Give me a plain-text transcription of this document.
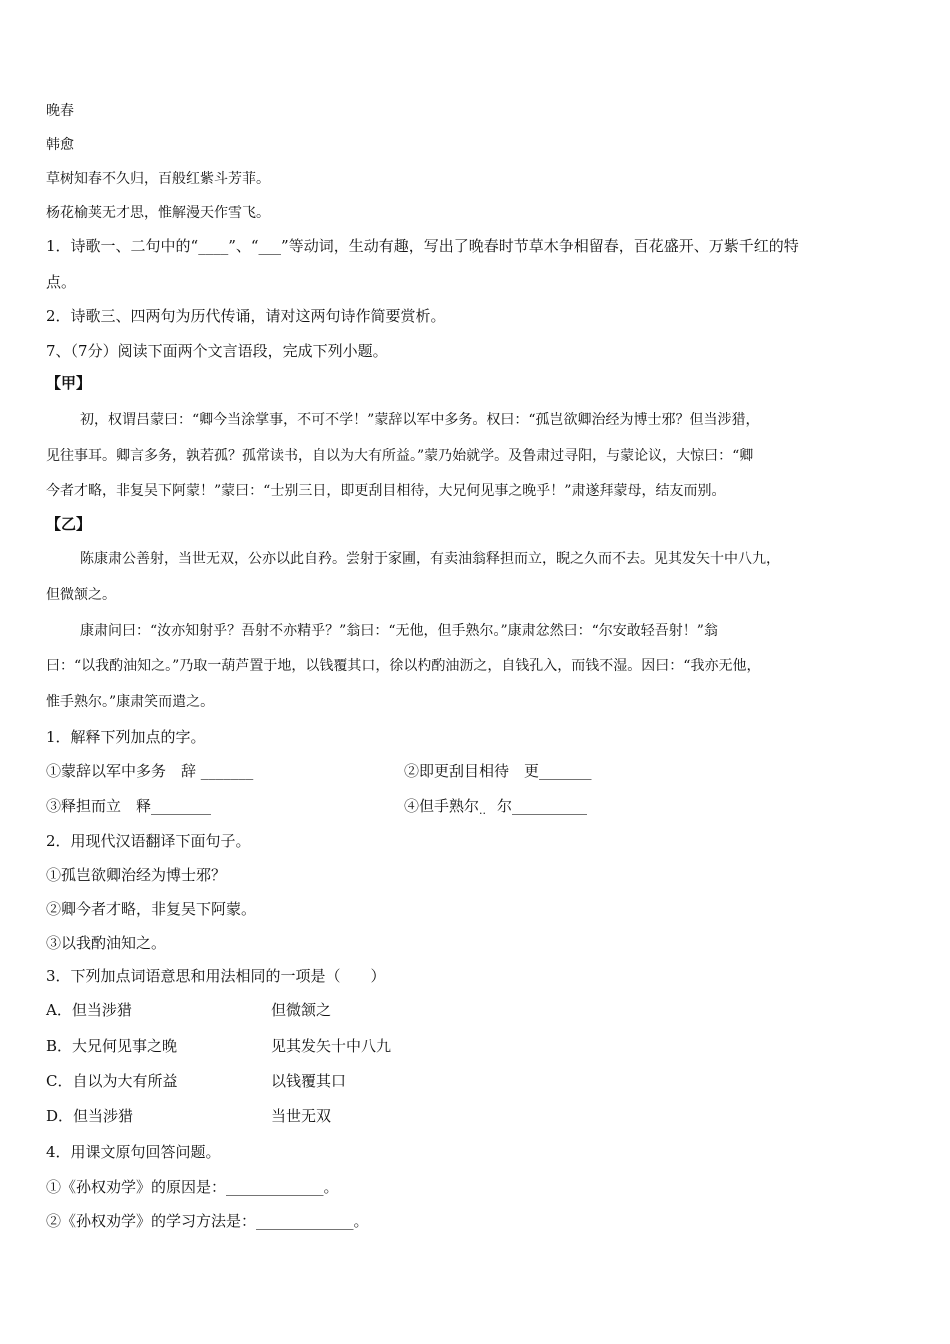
晚春
韩愈
草树知春不久归，百般红紫斗芳菲。
杨花榆荚无才思，惟解漫天作雪飞。
1．诗歌一、二句中的“____”、“___”等动词，生动有趣，写出了晚春时节草木争相留春，百花盛开、万紫千红的特
点。
2．诗歌三、四两句为历代传诵，请对这两句诗作简要赏析。
7、（7分）阅读下面两个文言语段，完成下列小题。
【甲】
初，权谓吕蒙曰：“卿今当涂掌事，不可不学！”蒙辞以军中多务。权曰：“孤岂欲卿治经为博士邪？但当涉猎，
见往事耳。卿言多务，孰若孤？孤常读书，自以为大有所益。”蒙乃始就学。及鲁肃过寻阳，与蒙论议，大惊曰：“卿
今者才略，非复吴下阿蒙！”蒙曰：“士别三日，即更刮目相待，大兄何见事之晚乎！”肃遂拜蒙母，结友而别。
【乙】
陈康肃公善射，当世无双，公亦以此自矜。尝射于家圃，有卖油翁释担而立，睨之久而不去。见其发矢十中八九，
但微颔之。
康肃问曰：“汝亦知射乎？吾射不亦精乎？”翁曰：“无他，但手熟尔。”康肃忿然曰：“尔安敢轻吾射！”翁
曰：“以我酌油知之。”乃取一葫芦置于地，以钱覆其口，徐以杓酌油沥之，自钱孔入，而钱不湿。因曰：“我亦无他，
惟手熟尔。”康肃笑而遣之。
1．解释下列加点的字。
①蒙辞以军中多务　辞 _______	②即更刮目相待　更_______
③释担而立　释________	④但手熟尔·· 尔__________
2．用现代汉语翻译下面句子。
①孤岂欲卿治经为博士邪？
②卿今者才略，非复吴下阿蒙。
③以我酌油知之。
3．下列加点词语意思和用法相同的一项是（　　）
A．但当涉猎	但微颔之
B．大兄何见事之晚	见其发矢十中八九
C．自以为大有所益	以钱覆其口
D．但当涉猎	当世无双
4．用课文原句回答问题。
①《孙权劝学》的原因是：_____________。
②《孙权劝学》的学习方法是：_____________。
